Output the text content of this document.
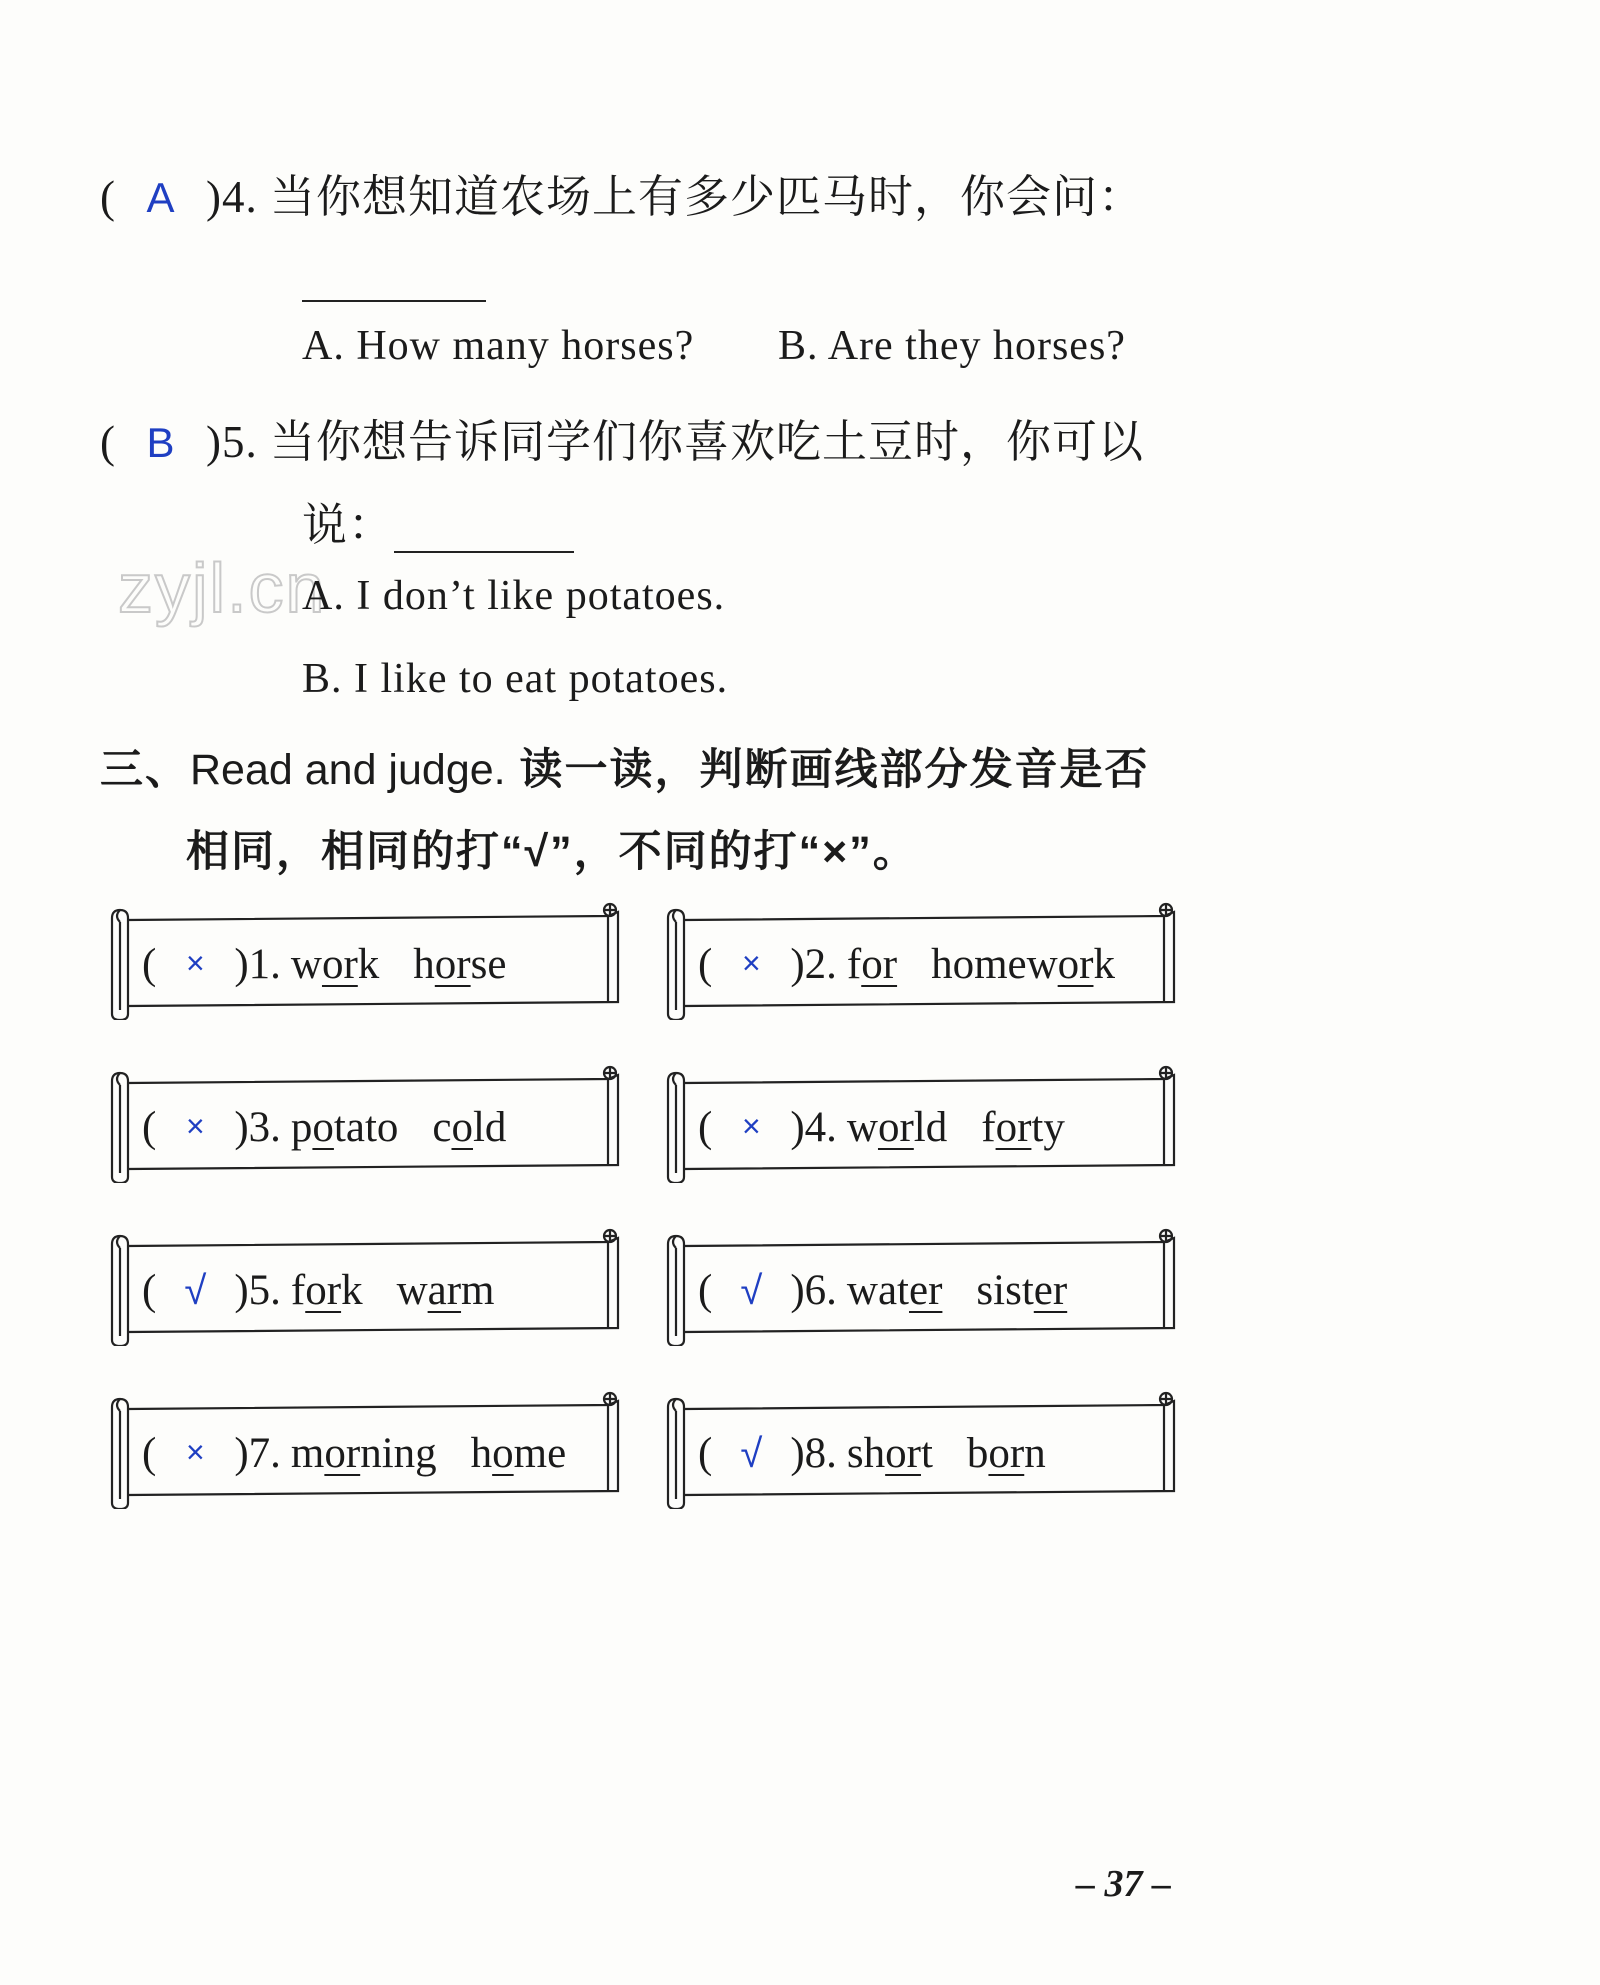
( A )4. 当你想知道农场上有多少匹马时，你会问：
A. How many horses? B. Are they horses?
( B )5. 当你想告诉同学们你喜欢吃土豆时，你可以
说：
zyjl.cn
A. I don’t like potatoes.
B. I like to eat potatoes.
三、Read and judge. 读一读，判断画线部分发音是否
相同，相同的打“√”，不同的打“×”。
( × )1. work horse	( × )2. for homework
( × )3. potato cold	( × )4. world forty
( √ )5. fork warm	( √ )6. water sister
( × )7. morning home	( √ )8. short born
– 37 –
